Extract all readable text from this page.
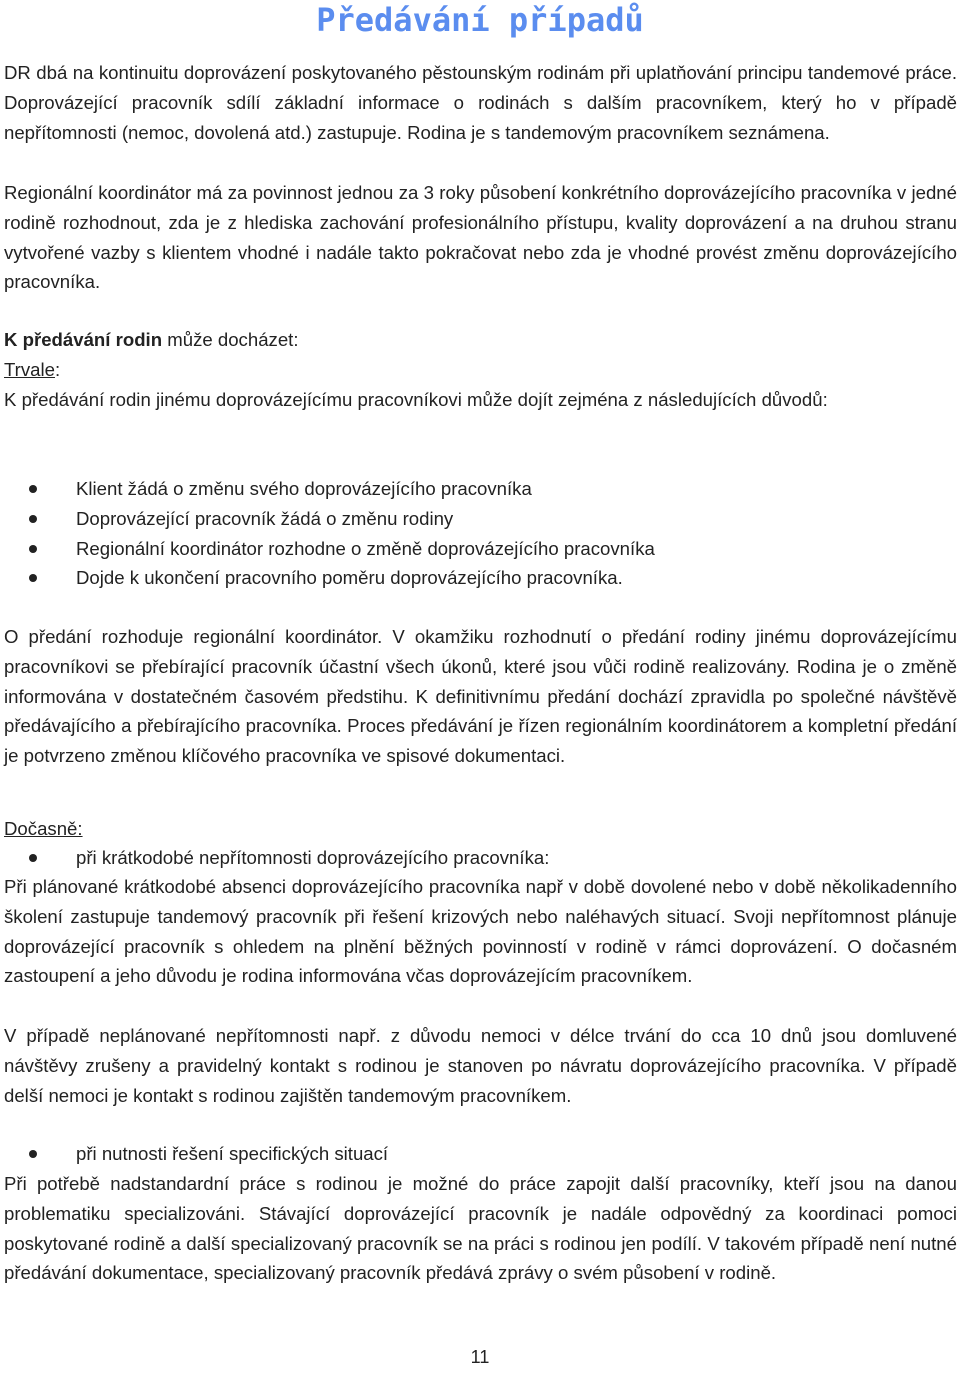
Předávání případů
DR dbá na kontinuitu doprovázení poskytovaného pěstounským rodinám při uplatňování principu tandemové práce. Doprovázející pracovník sdílí základní informace o rodinách s dalším pracovníkem, který ho v případě nepřítomnosti (nemoc, dovolená atd.) zastupuje. Rodina je s tandemovým pracovníkem seznámena.
Regionální koordinátor má za povinnost jednou za 3 roky působení konkrétního doprovázejícího pracovníka v jedné rodině rozhodnout, zda je z hlediska zachování profesionálního přístupu, kvality doprovázení a na druhou stranu vytvořené vazby s klientem vhodné i nadále takto pokračovat nebo zda je vhodné provést změnu doprovázejícího pracovníka.
K předávání rodin může docházet:
Trvale:
K předávání rodin jinému doprovázejícímu pracovníkovi může dojít zejména z následujících důvodů:
Klient žádá o změnu svého doprovázejícího pracovníka
Doprovázející pracovník žádá o změnu rodiny
Regionální koordinátor rozhodne o změně doprovázejícího pracovníka
Dojde k ukončení pracovního poměru doprovázejícího pracovníka.
O předání rozhoduje regionální koordinátor. V okamžiku rozhodnutí o předání rodiny jinému doprovázejícímu pracovníkovi se přebírající pracovník účastní všech úkonů, které jsou vůči rodině realizovány. Rodina je o změně informována v dostatečném časovém předstihu. K definitivnímu předání dochází zpravidla po společné návštěvě předávajícího a přebírajícího pracovníka. Proces předávání je řízen regionálním koordinátorem a kompletní předání je potvrzeno změnou klíčového pracovníka ve spisové dokumentaci.
Dočasně:
při krátkodobé nepřítomnosti doprovázejícího pracovníka:
Při plánované krátkodobé absenci doprovázejícího pracovníka např v době dovolené nebo v době několikadenního školení zastupuje tandemový pracovník při řešení krizových nebo naléhavých situací. Svoji nepřítomnost plánuje doprovázející pracovník s ohledem na plnění běžných povinností v rodině v rámci doprovázení. O dočasném zastoupení a jeho důvodu je rodina informována včas doprovázejícím pracovníkem.
V případě neplánované nepřítomnosti např. z důvodu nemoci v délce trvání do cca 10 dnů jsou domluvené návštěvy zrušeny a pravidelný kontakt s rodinou je stanoven po návratu doprovázejícího pracovníka. V případě delší nemoci je kontakt s rodinou zajištěn tandemovým pracovníkem.
při nutnosti řešení specifických situací
Při potřebě nadstandardní práce s rodinou je možné do práce zapojit další pracovníky, kteří jsou na danou problematiku specializováni. Stávající doprovázející pracovník je nadále odpovědný za koordinaci pomoci poskytované rodině a další specializovaný pracovník se na práci s rodinou jen podílí. V takovém případě není nutné předávání dokumentace, specializovaný pracovník předává zprávy o svém působení v rodině.
11
